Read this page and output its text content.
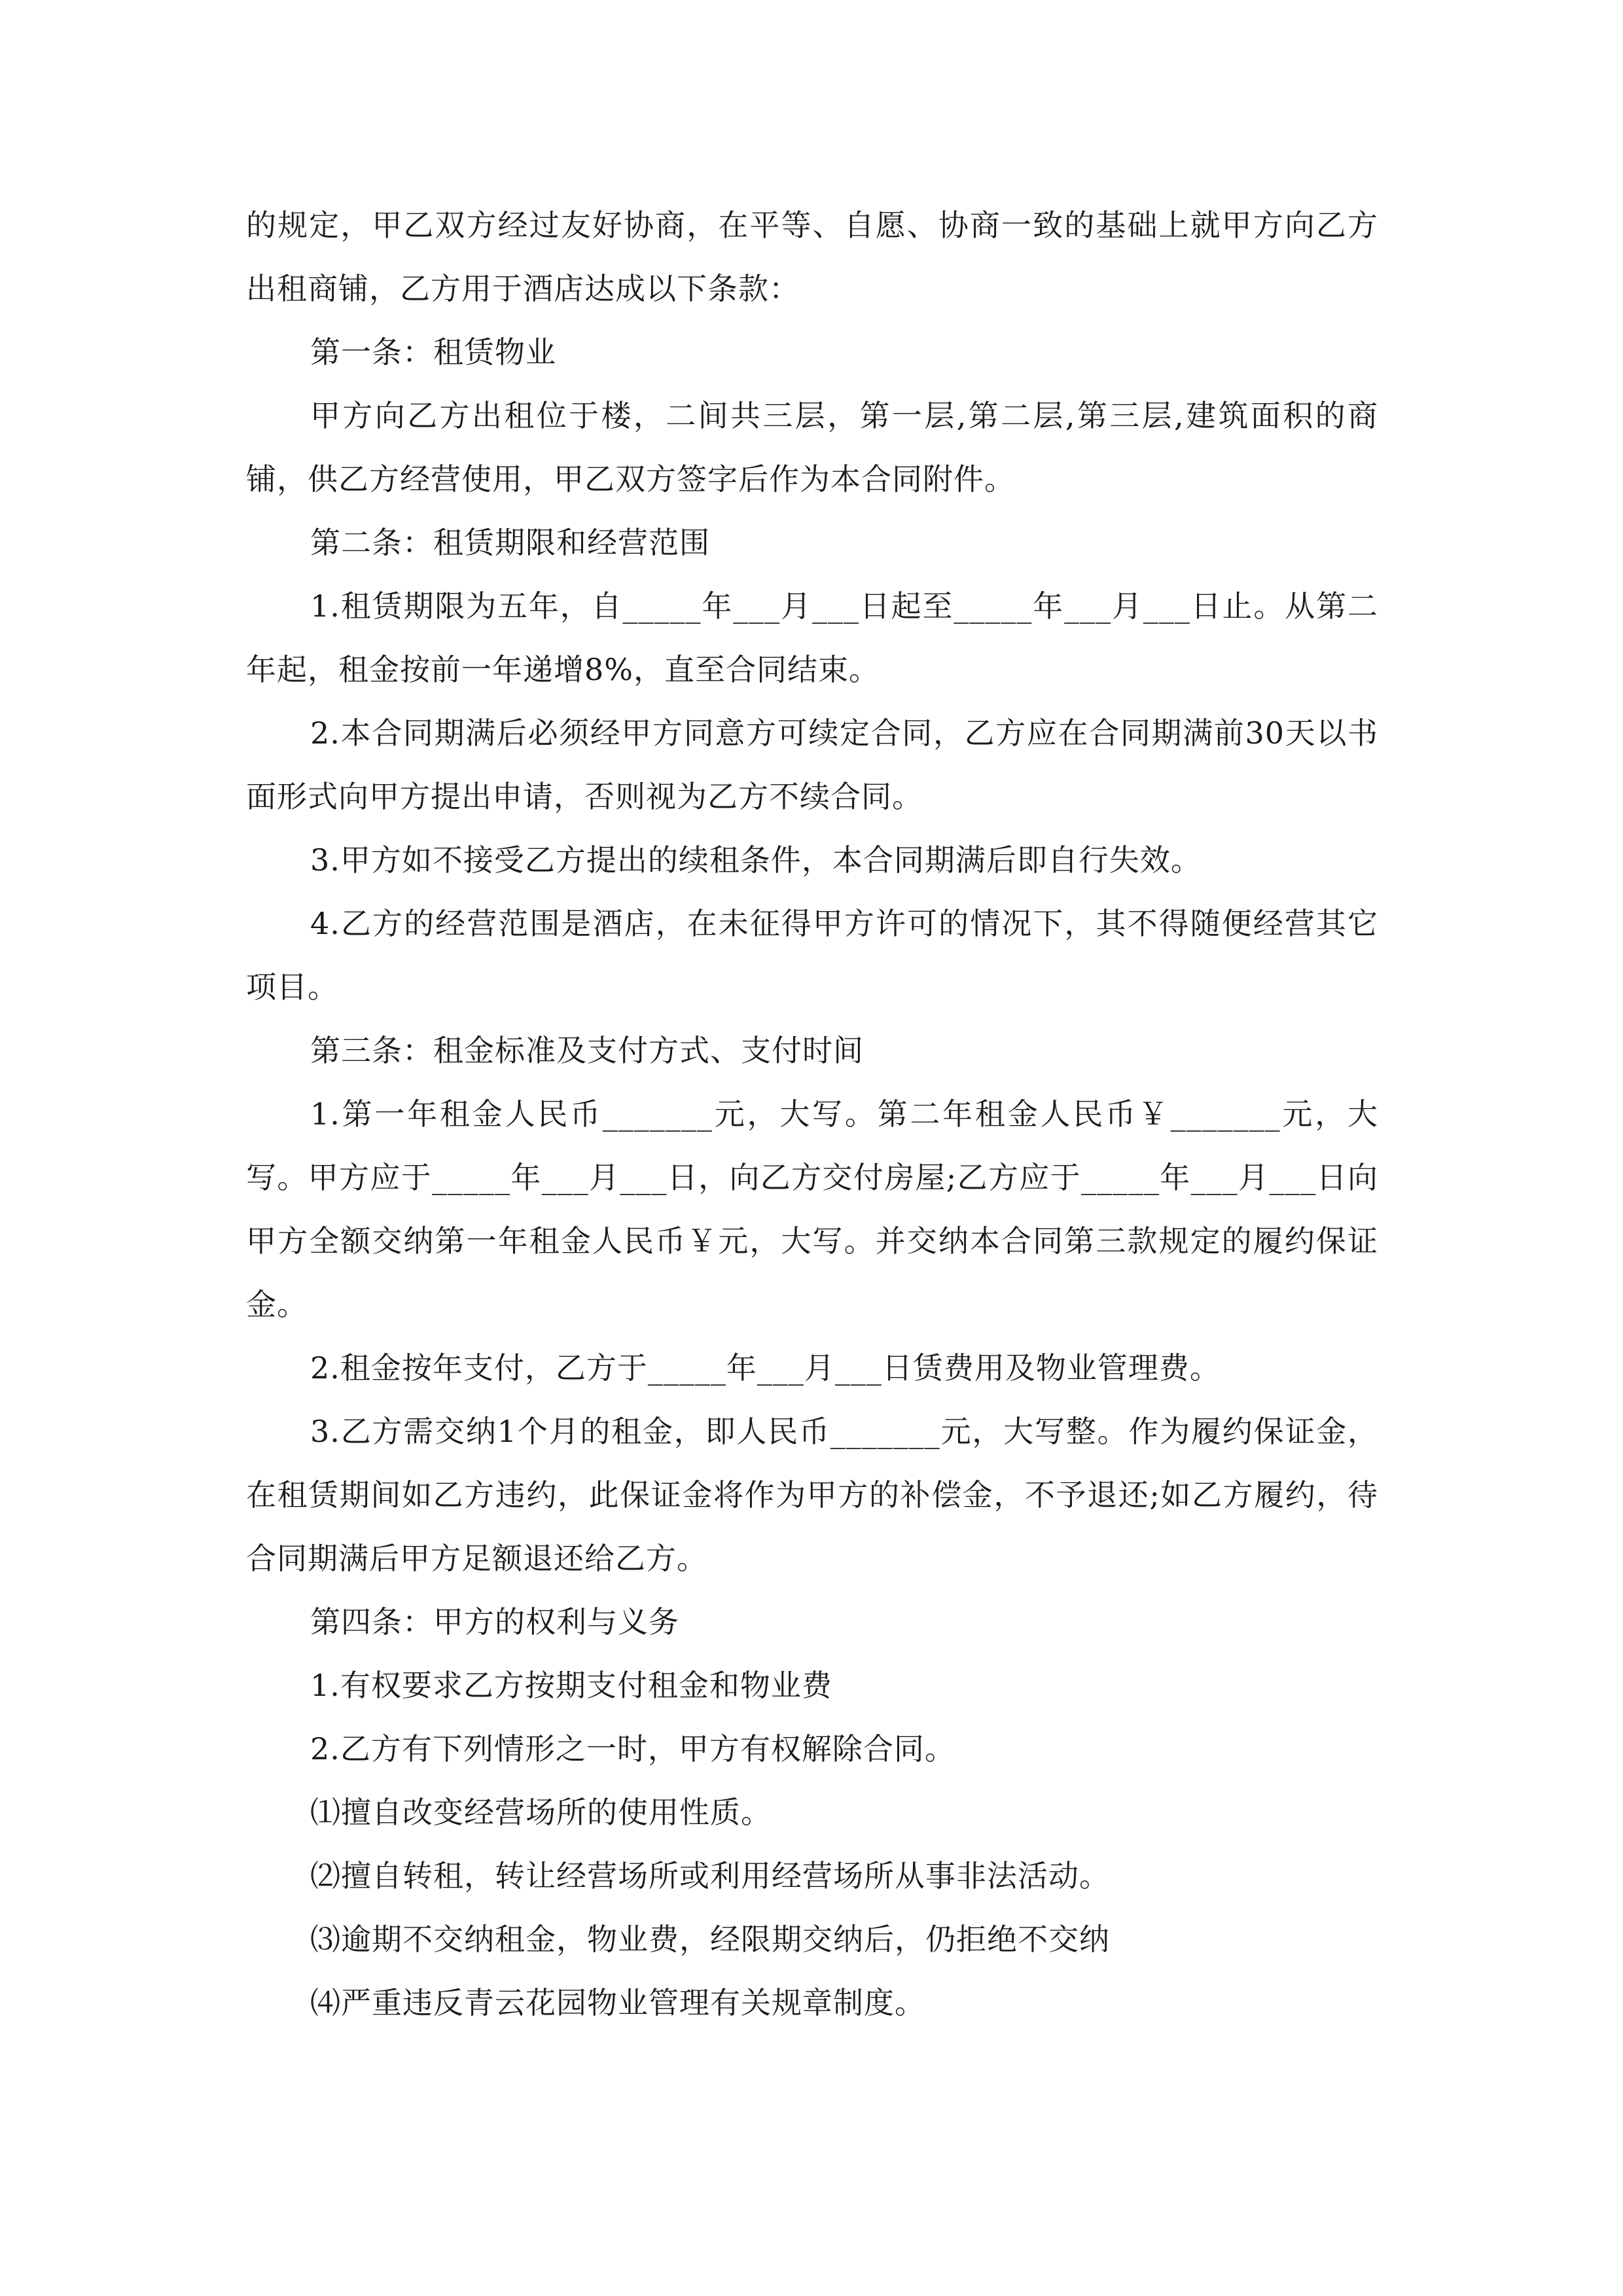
的规定，甲乙双方经过友好协商，在平等、自愿、协商一致的基础上就甲方向乙方出租商铺，乙方用于酒店达成以下条款：

第一条：租赁物业

甲方向乙方出租位于楼，二间共三层，第一层,第二层,第三层,建筑面积的商铺，供乙方经营使用，甲乙双方签字后作为本合同附件。

第二条：租赁期限和经营范围

1.租赁期限为五年，自_____年___月___日起至_____年___月___日止。从第二年起，租金按前一年递增8%，直至合同结束。

2.本合同期满后必须经甲方同意方可续定合同，乙方应在合同期满前30天以书面形式向甲方提出申请，否则视为乙方不续合同。

3.甲方如不接受乙方提出的续租条件，本合同期满后即自行失效。

4.乙方的经营范围是酒店，在未征得甲方许可的情况下，其不得随便经营其它项目。

第三条：租金标准及支付方式、支付时间

1.第一年租金人民币_______元，大写。第二年租金人民币￥_______元，大写。甲方应于_____年___月___日，向乙方交付房屋;乙方应于_____年___月___日向甲方全额交纳第一年租金人民币￥元，大写。并交纳本合同第三款规定的履约保证金。

2.租金按年支付，乙方于_____年___月___日赁费用及物业管理费。

3.乙方需交纳1个月的租金，即人民币_______元，大写整。作为履约保证金，在租赁期间如乙方违约，此保证金将作为甲方的补偿金，不予退还;如乙方履约，待合同期满后甲方足额退还给乙方。

第四条：甲方的权利与义务

1.有权要求乙方按期支付租金和物业费

2.乙方有下列情形之一时，甲方有权解除合同。

⑴擅自改变经营场所的使用性质。

⑵擅自转租，转让经营场所或利用经营场所从事非法活动。

⑶逾期不交纳租金，物业费，经限期交纳后，仍拒绝不交纳

⑷严重违反青云花园物业管理有关规章制度。
